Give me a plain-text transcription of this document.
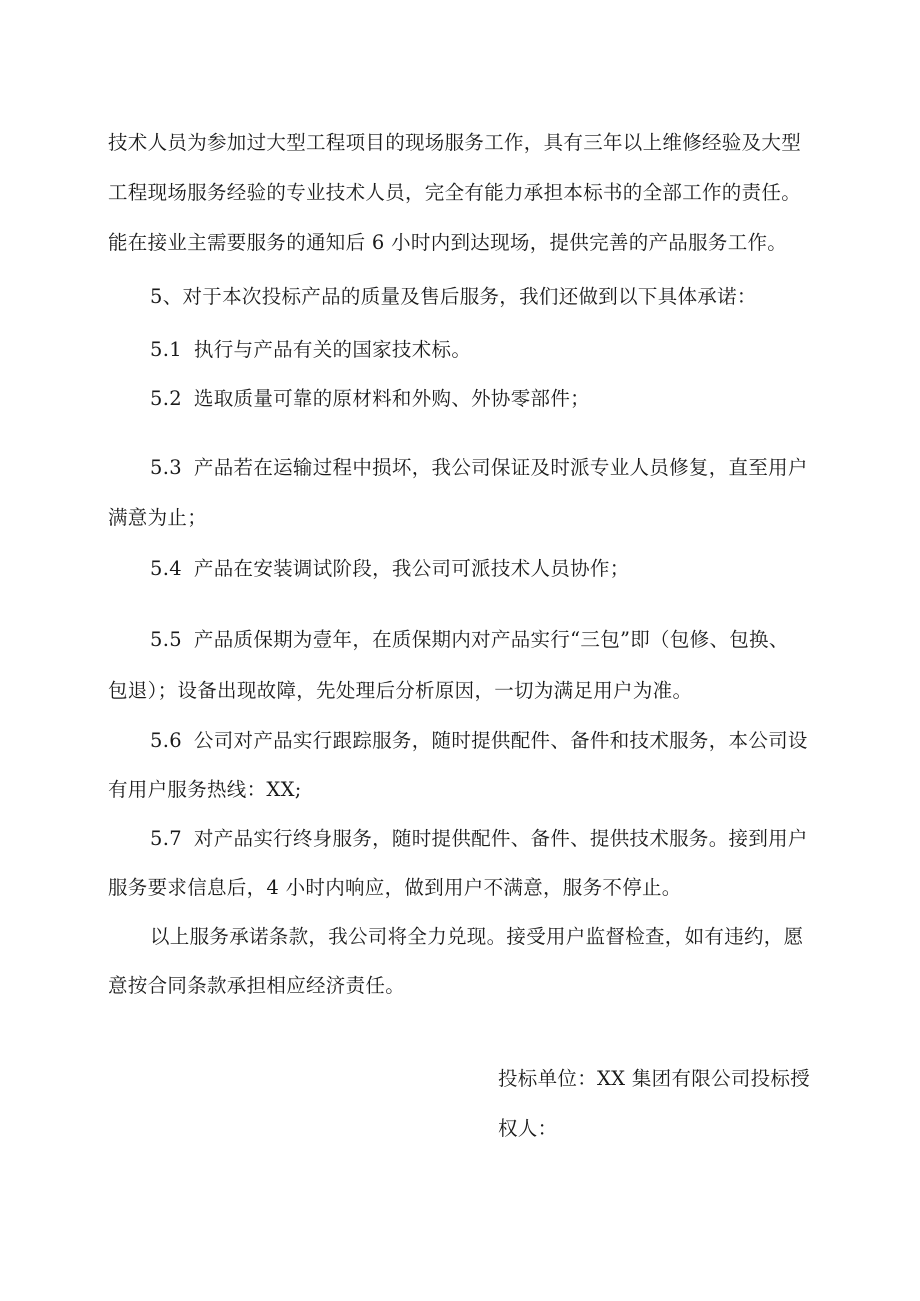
技术人员为参加过大型工程项目的现场服务工作，具有三年以上维修经验及大型
工程现场服务经验的专业技术人员，完全有能力承担本标书的全部工作的责任。
能在接业主需要服务的通知后 6 小时内到达现场，提供完善的产品服务工作。
5、对于本次投标产品的质量及售后服务，我们还做到以下具体承诺：
5.1 执行与产品有关的国家技术标。
5.2 选取质量可靠的原材料和外购、外协零部件；
5.3 产品若在运输过程中损坏，我公司保证及时派专业人员修复，直至用户
满意为止；
5.4 产品在安装调试阶段，我公司可派技术人员协作；
5.5 产品质保期为壹年，在质保期内对产品实行“三包”即（包修、包换、
包退）；设备出现故障，先处理后分析原因，一切为满足用户为准。
5.6 公司对产品实行跟踪服务，随时提供配件、备件和技术服务，本公司设
有用户服务热线：XX;
5.7 对产品实行终身服务，随时提供配件、备件、提供技术服务。接到用户
服务要求信息后，4 小时内响应，做到用户不满意，服务不停止。
以上服务承诺条款，我公司将全力兑现。接受用户监督检查，如有违约，愿
意按合同条款承担相应经济责任。
投标单位：XX 集团有限公司投标授
权人：
